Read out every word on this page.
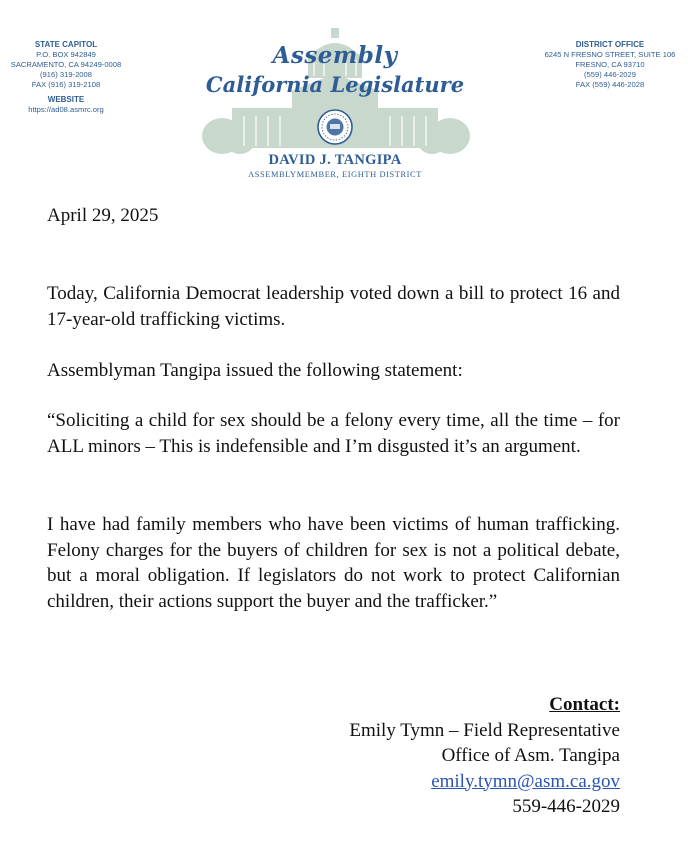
STATE CAPITOL
P.O. BOX 942849
SACRAMENTO, CA 94249-0008
(916) 319-2008
FAX (916) 319-2108
WEBSITE
https://ad08.asmrc.org
Assembly
California Legislature
DAVID J. TANGIPA
ASSEMBLYMEMBER, EIGHTH DISTRICT
DISTRICT OFFICE
6245 N FRESNO STREET, SUITE 106
FRESNO, CA 93710
(559) 446-2029
FAX (559) 446-2028
April 29, 2025
Today, California Democrat leadership voted down a bill to protect 16 and 17-year-old trafficking victims.
Assemblyman Tangipa issued the following statement:
“Soliciting a child for sex should be a felony every time, all the time – for ALL minors – This is indefensible and I’m disgusted it’s an argument.
I have had family members who have been victims of human trafficking. Felony charges for the buyers of children for sex is not a political debate, but a moral obligation. If legislators do not work to protect Californian children, their actions support the buyer and the trafficker.”
Contact:
Emily Tymn – Field Representative
Office of Asm. Tangipa
emily.tymn@asm.ca.gov
559-446-2029
